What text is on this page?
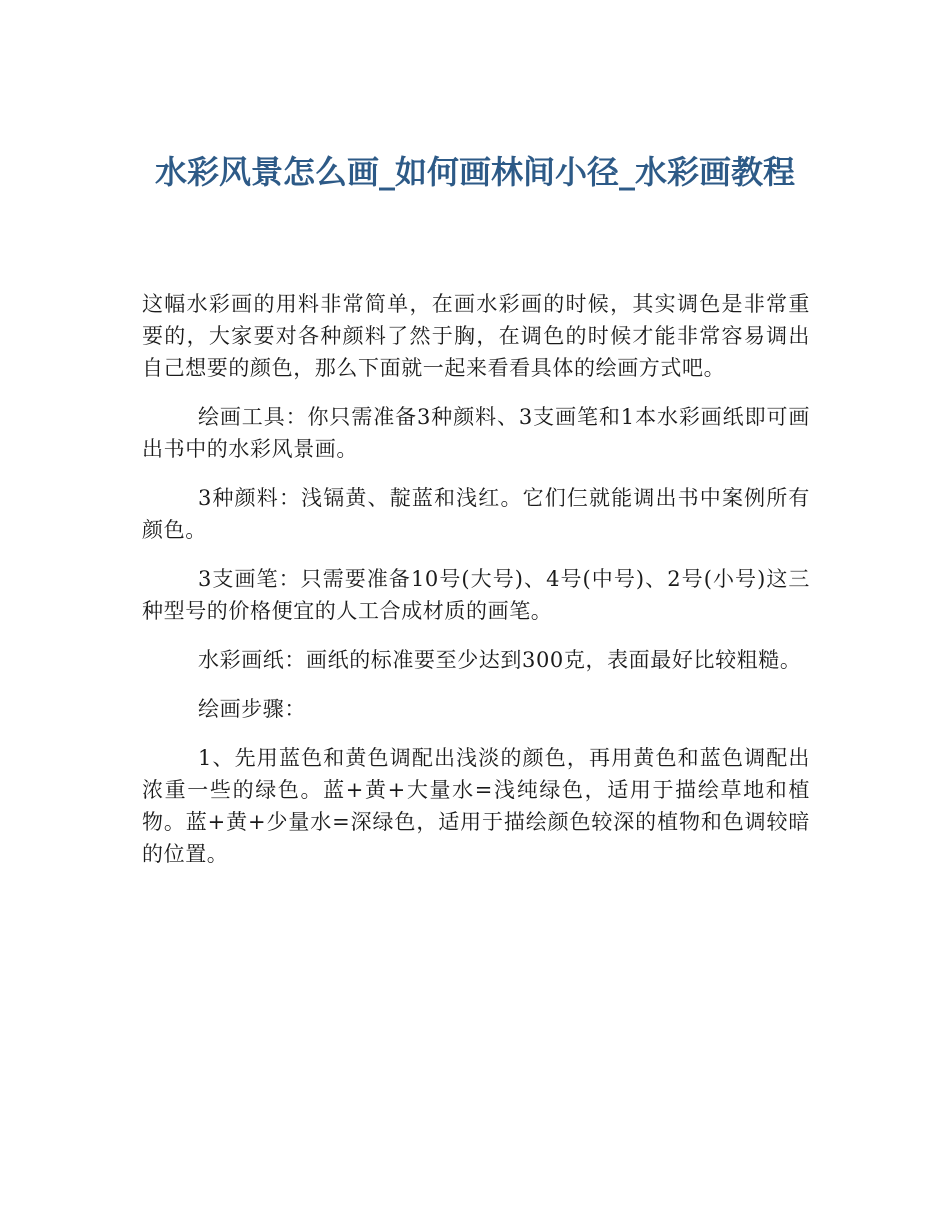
水彩风景怎么画_如何画林间小径_水彩画教程

这幅水彩画的用料非常简单，在画水彩画的时候，其实调色是非常重要的，大家要对各种颜料了然于胸，在调色的时候才能非常容易调出自己想要的颜色，那么下面就一起来看看具体的绘画方式吧。

绘画工具：你只需准备3种颜料、3支画笔和1本水彩画纸即可画出书中的水彩风景画。

3种颜料：浅镉黄、靛蓝和浅红。它们仨就能调出书中案例所有颜色。

3支画笔：只需要准备10号(大号)、4号(中号)、2号(小号)这三种型号的价格便宜的人工合成材质的画笔。

水彩画纸：画纸的标准要至少达到300克，表面最好比较粗糙。

绘画步骤：

1、先用蓝色和黄色调配出浅淡的颜色，再用黄色和蓝色调配出浓重一些的绿色。蓝+黄+大量水=浅纯绿色，适用于描绘草地和植物。蓝+黄+少量水=深绿色，适用于描绘颜色较深的植物和色调较暗的位置。
